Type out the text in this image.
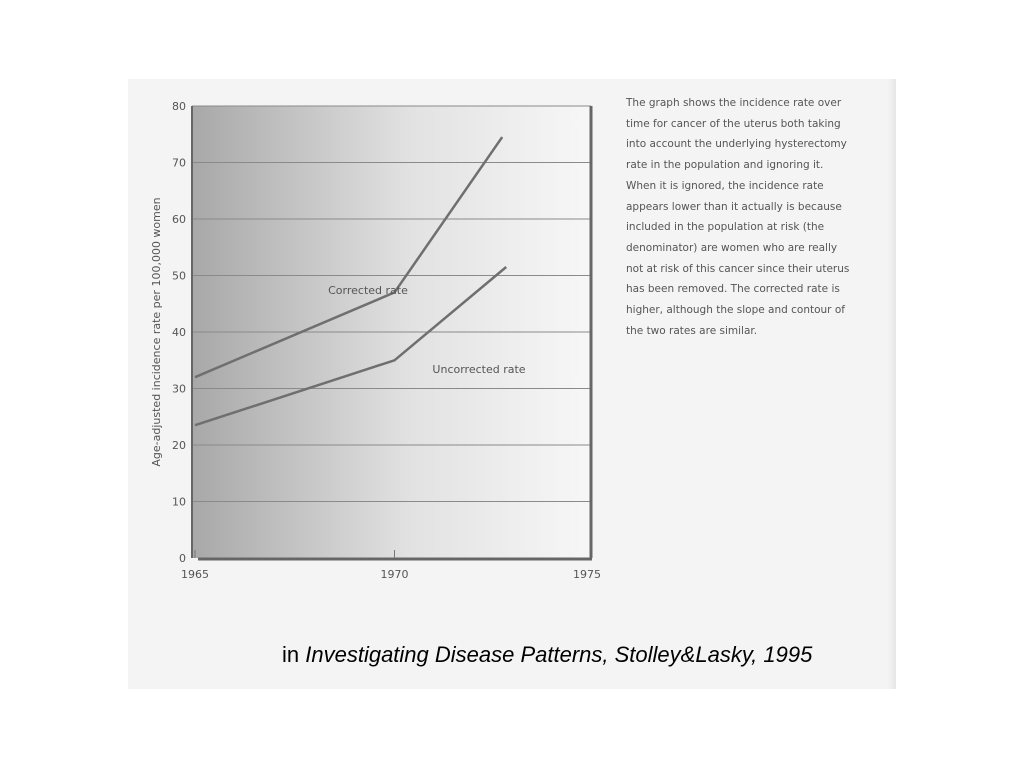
0
10
20
30
40
50
60
70
80
1965	1970	1975
Age-adjusted incidence rate per 100,000 women	Corrected rate
Uncorrected rate
The graph shows the incidence rate over
time for cancer of the uterus both taking
into account the underlying hysterectomy
rate in the population and ignoring it.
When it is ignored, the incidence rate
appears lower than it actually is because
included in the population at risk (the
denominator) are women who are really
not at risk of this cancer since their uterus
has been removed. The corrected rate is
higher, although the slope and contour of
the two rates are similar.
in Investigating Disease Patterns, Stolley&Lasky, 1995
